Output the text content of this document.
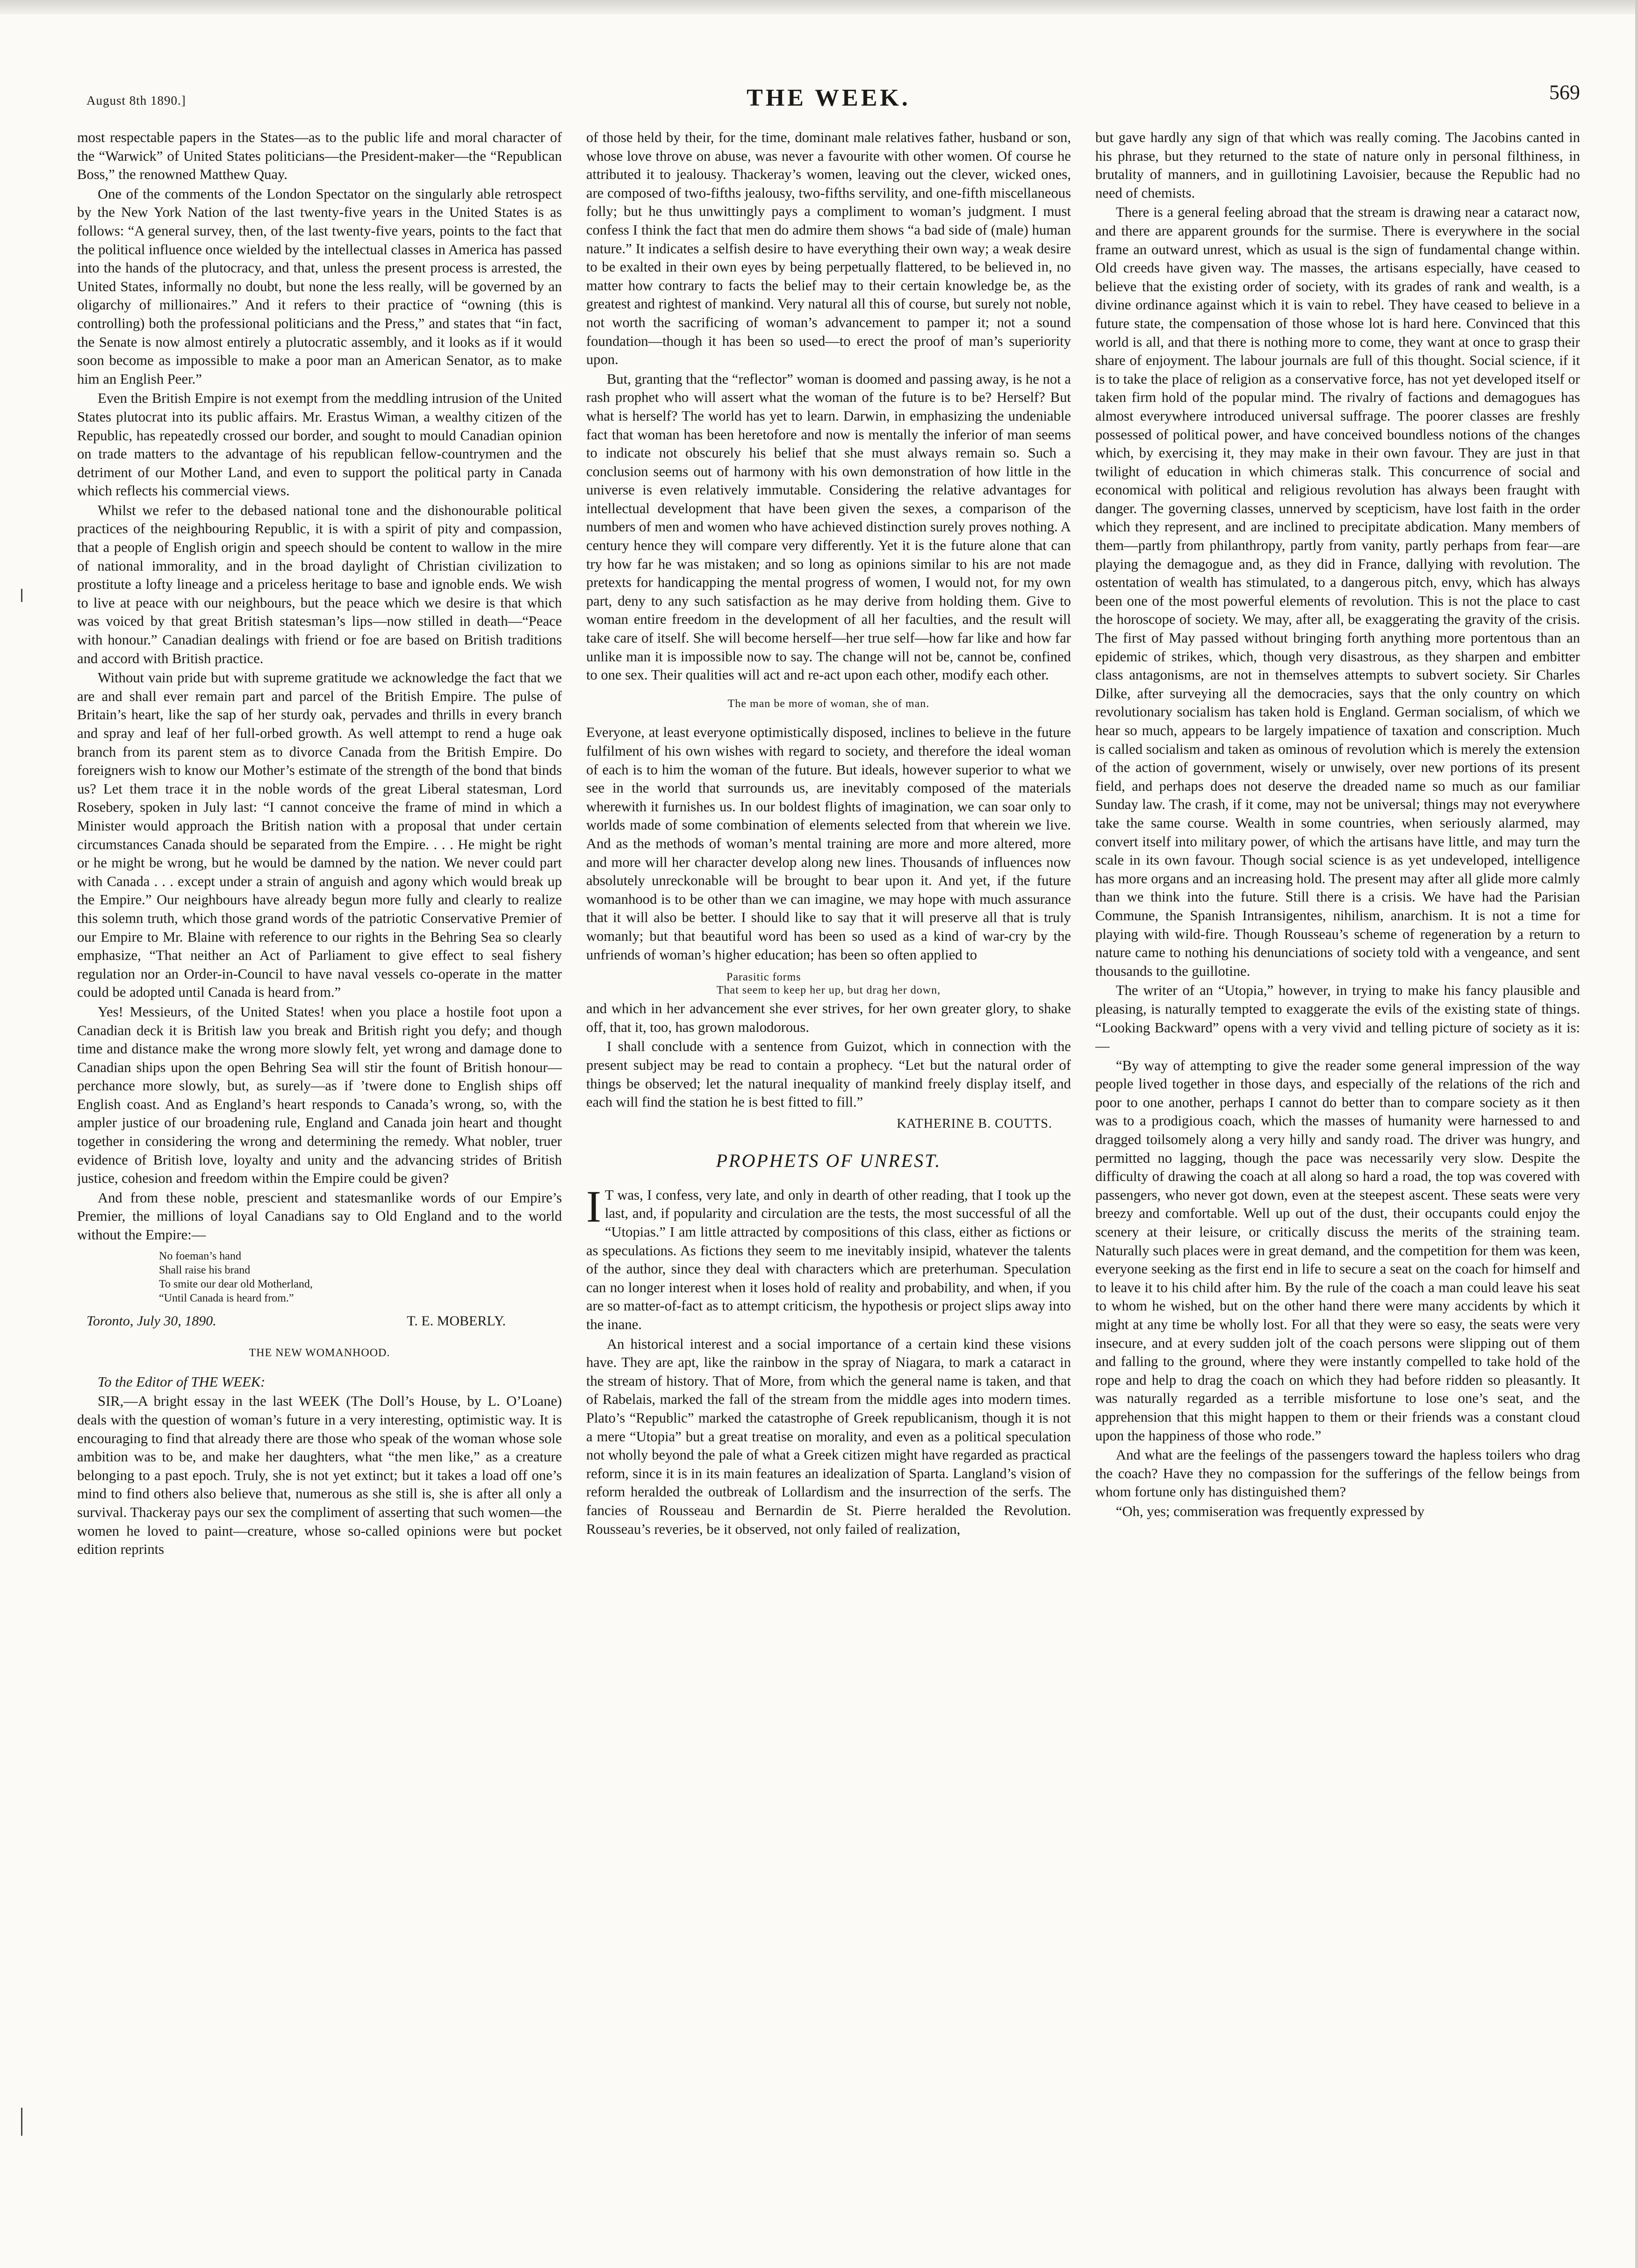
August 8th 1890.]	THE WEEK.	569

most respectable papers in the States—as to the public life and moral character of the “Warwick” of United States politicians—the President-maker—the “Republican Boss,” the renowned Matthew Quay.

One of the comments of the London Spectator on the singularly able retrospect by the New York Nation of the last twenty-five years in the United States is as follows: “A general survey, then, of the last twenty-five years, points to the fact that the political influence once wielded by the intellectual classes in America has passed into the hands of the plutocracy, and that, unless the present process is arrested, the United States, informally no doubt, but none the less really, will be governed by an oligarchy of millionaires.” And it refers to their practice of “owning (this is controlling) both the professional politicians and the Press,” and states that “in fact, the Senate is now almost entirely a plutocratic assembly, and it looks as if it would soon become as impossible to make a poor man an American Senator, as to make him an English Peer.”

Even the British Empire is not exempt from the meddling intrusion of the United States plutocrat into its public affairs. Mr. Erastus Wiman, a wealthy citizen of the Republic, has repeatedly crossed our border, and sought to mould Canadian opinion on trade matters to the advantage of his republican fellow-countrymen and the detriment of our Mother Land, and even to support the political party in Canada which reflects his commercial views.

Whilst we refer to the debased national tone and the dishonourable political practices of the neighbouring Republic, it is with a spirit of pity and compassion, that a people of English origin and speech should be content to wallow in the mire of national immorality, and in the broad daylight of Christian civilization to prostitute a lofty lineage and a priceless heritage to base and ignoble ends. We wish to live at peace with our neighbours, but the peace which we desire is that which was voiced by that great British statesman’s lips—now stilled in death—“Peace with honour.” Canadian dealings with friend or foe are based on British traditions and accord with British practice.

Without vain pride but with supreme gratitude we acknowledge the fact that we are and shall ever remain part and parcel of the British Empire. The pulse of Britain’s heart, like the sap of her sturdy oak, pervades and thrills in every branch and spray and leaf of her full-orbed growth. As well attempt to rend a huge oak branch from its parent stem as to divorce Canada from the British Empire. Do foreigners wish to know our Mother’s estimate of the strength of the bond that binds us? Let them trace it in the noble words of the great Liberal statesman, Lord Rosebery, spoken in July last: “I cannot conceive the frame of mind in which a Minister would approach the British nation with a proposal that under certain circumstances Canada should be separated from the Empire. . . . He might be right or he might be wrong, but he would be damned by the nation. We never could part with Canada . . . except under a strain of anguish and agony which would break up the Empire.” Our neighbours have already begun more fully and clearly to realize this solemn truth, which those grand words of the patriotic Conservative Premier of our Empire to Mr. Blaine with reference to our rights in the Behring Sea so clearly emphasize, “That neither an Act of Parliament to give effect to seal fishery regulation nor an Order-in-Council to have naval vessels co-operate in the matter could be adopted until Canada is heard from.”

Yes! Messieurs, of the United States! when you place a hostile foot upon a Canadian deck it is British law you break and British right you defy; and though time and distance make the wrong more slowly felt, yet wrong and damage done to Canadian ships upon the open Behring Sea will stir the fount of British honour—perchance more slowly, but, as surely—as if ’twere done to English ships off English coast. And as England’s heart responds to Canada’s wrong, so, with the ampler justice of our broadening rule, England and Canada join heart and thought together in considering the wrong and determining the remedy. What nobler, truer evidence of British love, loyalty and unity and the advancing strides of British justice, cohesion and freedom within the Empire could be given?

And from these noble, prescient and statesmanlike words of our Empire’s Premier, the millions of loyal Canadians say to Old England and to the world without the Empire:—

No foeman’s hand
Shall raise his brand
To smite our dear old Motherland,
“Until Canada is heard from.”
Toronto, July 30, 1890.	T. E. MOBERLY.
THE NEW WOMANHOOD.

To the Editor of THE WEEK:

SIR,—A bright essay in the last WEEK (The Doll’s House, by L. O’Loane) deals with the question of woman’s future in a very interesting, optimistic way. It is encouraging to find that already there are those who speak of the woman whose sole ambition was to be, and make her daughters, what “the men like,” as a creature belonging to a past epoch. Truly, she is not yet extinct; but it takes a load off one’s mind to find others also believe that, numerous as she still is, she is after all only a survival. Thackeray pays our sex the compliment of asserting that such women—the women he loved to paint—creature, whose so-called opinions were but pocket edition reprints

of those held by their, for the time, dominant male relatives father, husband or son, whose love throve on abuse, was never a favourite with other women. Of course he attributed it to jealousy. Thackeray’s women, leaving out the clever, wicked ones, are composed of two-fifths jealousy, two-fifths servility, and one-fifth miscellaneous folly; but he thus unwittingly pays a compliment to woman’s judgment. I must confess I think the fact that men do admire them shows “a bad side of (male) human nature.” It indicates a selfish desire to have everything their own way; a weak desire to be exalted in their own eyes by being perpetually flattered, to be believed in, no matter how contrary to facts the belief may to their certain knowledge be, as the greatest and rightest of mankind. Very natural all this of course, but surely not noble, not worth the sacrificing of woman’s advancement to pamper it; not a sound foundation—though it has been so used—to erect the proof of man’s superiority upon.

But, granting that the “reflector” woman is doomed and passing away, is he not a rash prophet who will assert what the woman of the future is to be? Herself? But what is herself? The world has yet to learn. Darwin, in emphasizing the undeniable fact that woman has been heretofore and now is mentally the inferior of man seems to indicate not obscurely his belief that she must always remain so. Such a conclusion seems out of harmony with his own demonstration of how little in the universe is even relatively immutable. Considering the relative advantages for intellectual development that have been given the sexes, a comparison of the numbers of men and women who have achieved distinction surely proves nothing. A century hence they will compare very differently. Yet it is the future alone that can try how far he was mistaken; and so long as opinions similar to his are not made pretexts for handicapping the mental progress of women, I would not, for my own part, deny to any such satisfaction as he may derive from holding them. Give to woman entire freedom in the development of all her faculties, and the result will take care of itself. She will become herself—her true self—how far like and how far unlike man it is impossible now to say. The change will not be, cannot be, confined to one sex. Their qualities will act and re-act upon each other, modify each other.

The man be more of woman, she of man.

Everyone, at least everyone optimistically disposed, inclines to believe in the future fulfilment of his own wishes with regard to society, and therefore the ideal woman of each is to him the woman of the future. But ideals, however superior to what we see in the world that surrounds us, are inevitably composed of the materials wherewith it furnishes us. In our boldest flights of imagination, we can soar only to worlds made of some combination of elements selected from that wherein we live. And as the methods of woman’s mental training are more and more altered, more and more will her character develop along new lines. Thousands of influences now absolutely unreckonable will be brought to bear upon it. And yet, if the future womanhood is to be other than we can imagine, we may hope with much assurance that it will also be better. I should like to say that it will preserve all that is truly womanly; but that beautiful word has been so used as a kind of war-cry by the unfriends of woman’s higher education; has been so often applied to

Parasitic forms
That seem to keep her up, but drag her down,

and which in her advancement she ever strives, for her own greater glory, to shake off, that it, too, has grown malodorous.

I shall conclude with a sentence from Guizot, which in connection with the present subject may be read to contain a prophecy. “Let but the natural order of things be observed; let the natural inequality of mankind freely display itself, and each will find the station he is best fitted to fill.”

KATHERINE B. COUTTS.
PROPHETS OF UNREST.

IT was, I confess, very late, and only in dearth of other reading, that I took up the last, and, if popularity and circulation are the tests, the most successful of all the “Utopias.” I am little attracted by compositions of this class, either as fictions or as speculations. As fictions they seem to me inevitably insipid, whatever the talents of the author, since they deal with characters which are preterhuman. Speculation can no longer interest when it loses hold of reality and probability, and when, if you are so matter-of-fact as to attempt criticism, the hypothesis or project slips away into the inane.

An historical interest and a social importance of a certain kind these visions have. They are apt, like the rainbow in the spray of Niagara, to mark a cataract in the stream of history. That of More, from which the general name is taken, and that of Rabelais, marked the fall of the stream from the middle ages into modern times. Plato’s “Republic” marked the catastrophe of Greek republicanism, though it is not a mere “Utopia” but a great treatise on morality, and even as a political speculation not wholly beyond the pale of what a Greek citizen might have regarded as practical reform, since it is in its main features an idealization of Sparta. Langland’s vision of reform heralded the outbreak of Lollardism and the insurrection of the serfs. The fancies of Rousseau and Bernardin de St. Pierre heralded the Revolution. Rousseau’s reveries, be it observed, not only failed of realization,

but gave hardly any sign of that which was really coming. The Jacobins canted in his phrase, but they returned to the state of nature only in personal filthiness, in brutality of manners, and in guillotining Lavoisier, because the Republic had no need of chemists.

There is a general feeling abroad that the stream is drawing near a cataract now, and there are apparent grounds for the surmise. There is everywhere in the social frame an outward unrest, which as usual is the sign of fundamental change within. Old creeds have given way. The masses, the artisans especially, have ceased to believe that the existing order of society, with its grades of rank and wealth, is a divine ordinance against which it is vain to rebel. They have ceased to believe in a future state, the compensation of those whose lot is hard here. Convinced that this world is all, and that there is nothing more to come, they want at once to grasp their share of enjoyment. The labour journals are full of this thought. Social science, if it is to take the place of religion as a conservative force, has not yet developed itself or taken firm hold of the popular mind. The rivalry of factions and demagogues has almost everywhere introduced universal suffrage. The poorer classes are freshly possessed of political power, and have conceived boundless notions of the changes which, by exercising it, they may make in their own favour. They are just in that twilight of education in which chimeras stalk. This concurrence of social and economical with political and religious revolution has always been fraught with danger. The governing classes, unnerved by scepticism, have lost faith in the order which they represent, and are inclined to precipitate abdication. Many members of them—partly from philanthropy, partly from vanity, partly perhaps from fear—are playing the demagogue and, as they did in France, dallying with revolution. The ostentation of wealth has stimulated, to a dangerous pitch, envy, which has always been one of the most powerful elements of revolution. This is not the place to cast the horoscope of society. We may, after all, be exaggerating the gravity of the crisis. The first of May passed without bringing forth anything more portentous than an epidemic of strikes, which, though very disastrous, as they sharpen and embitter class antagonisms, are not in themselves attempts to subvert society. Sir Charles Dilke, after surveying all the democracies, says that the only country on which revolutionary socialism has taken hold is England. German socialism, of which we hear so much, appears to be largely impatience of taxation and conscription. Much is called socialism and taken as ominous of revolution which is merely the extension of the action of government, wisely or unwisely, over new portions of its present field, and perhaps does not deserve the dreaded name so much as our familiar Sunday law. The crash, if it come, may not be universal; things may not everywhere take the same course. Wealth in some countries, when seriously alarmed, may convert itself into military power, of which the artisans have little, and may turn the scale in its own favour. Though social science is as yet undeveloped, intelligence has more organs and an increasing hold. The present may after all glide more calmly than we think into the future. Still there is a crisis. We have had the Parisian Commune, the Spanish Intransigentes, nihilism, anarchism. It is not a time for playing with wild-fire. Though Rousseau’s scheme of regeneration by a return to nature came to nothing his denunciations of society told with a vengeance, and sent thousands to the guillotine.

The writer of an “Utopia,” however, in trying to make his fancy plausible and pleasing, is naturally tempted to exaggerate the evils of the existing state of things. “Looking Backward” opens with a very vivid and telling picture of society as it is:—

“By way of attempting to give the reader some general impression of the way people lived together in those days, and especially of the relations of the rich and poor to one another, perhaps I cannot do better than to compare society as it then was to a prodigious coach, which the masses of humanity were harnessed to and dragged toilsomely along a very hilly and sandy road. The driver was hungry, and permitted no lagging, though the pace was necessarily very slow. Despite the difficulty of drawing the coach at all along so hard a road, the top was covered with passengers, who never got down, even at the steepest ascent. These seats were very breezy and comfortable. Well up out of the dust, their occupants could enjoy the scenery at their leisure, or critically discuss the merits of the straining team. Naturally such places were in great demand, and the competition for them was keen, everyone seeking as the first end in life to secure a seat on the coach for himself and to leave it to his child after him. By the rule of the coach a man could leave his seat to whom he wished, but on the other hand there were many accidents by which it might at any time be wholly lost. For all that they were so easy, the seats were very insecure, and at every sudden jolt of the coach persons were slipping out of them and falling to the ground, where they were instantly compelled to take hold of the rope and help to drag the coach on which they had before ridden so pleasantly. It was naturally regarded as a terrible misfortune to lose one’s seat, and the apprehension that this might happen to them or their friends was a constant cloud upon the happiness of those who rode.”

And what are the feelings of the passengers toward the hapless toilers who drag the coach? Have they no compassion for the sufferings of the fellow beings from whom fortune only has distinguished them?

“Oh, yes; commiseration was frequently expressed by
